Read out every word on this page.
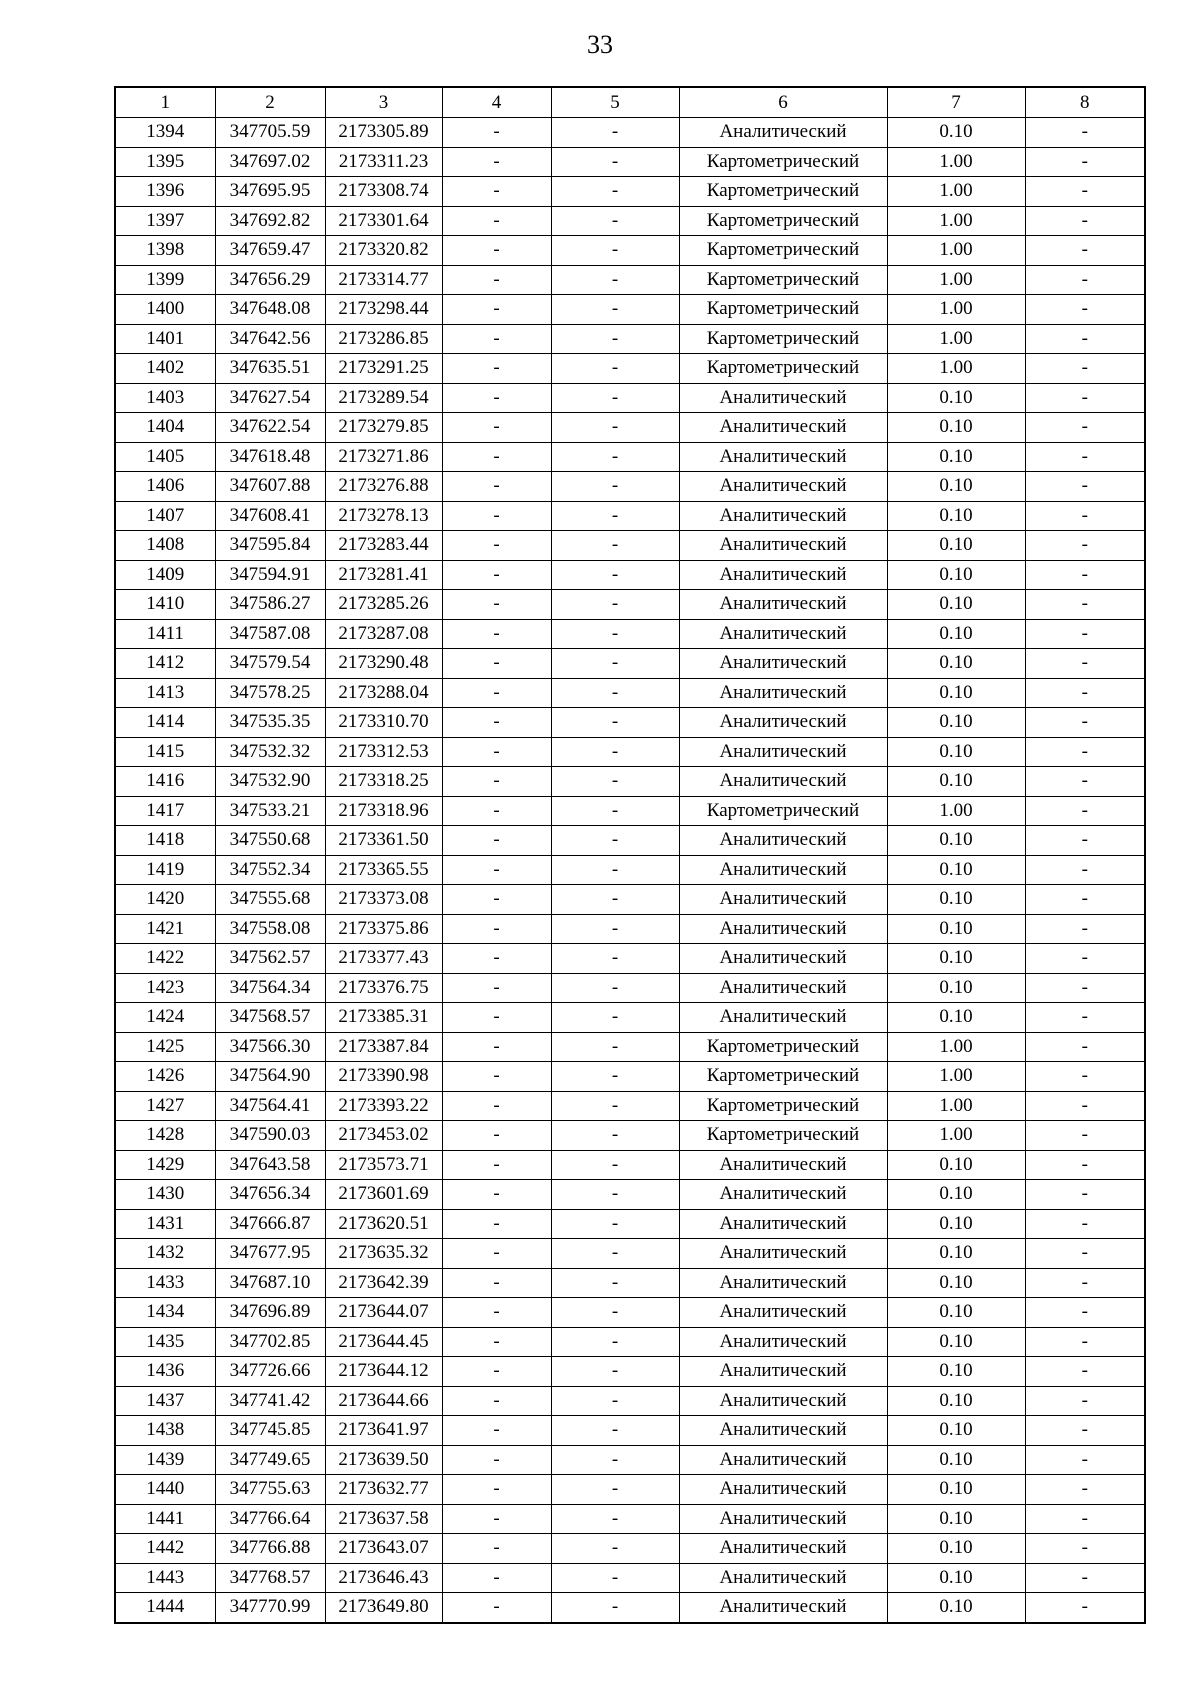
33
1	2	3	4	5	6	7	8
1394	347705.59	2173305.89	-	-	Аналитический	0.10	-
1395	347697.02	2173311.23	-	-	Картометрический	1.00	-
1396	347695.95	2173308.74	-	-	Картометрический	1.00	-
1397	347692.82	2173301.64	-	-	Картометрический	1.00	-
1398	347659.47	2173320.82	-	-	Картометрический	1.00	-
1399	347656.29	2173314.77	-	-	Картометрический	1.00	-
1400	347648.08	2173298.44	-	-	Картометрический	1.00	-
1401	347642.56	2173286.85	-	-	Картометрический	1.00	-
1402	347635.51	2173291.25	-	-	Картометрический	1.00	-
1403	347627.54	2173289.54	-	-	Аналитический	0.10	-
1404	347622.54	2173279.85	-	-	Аналитический	0.10	-
1405	347618.48	2173271.86	-	-	Аналитический	0.10	-
1406	347607.88	2173276.88	-	-	Аналитический	0.10	-
1407	347608.41	2173278.13	-	-	Аналитический	0.10	-
1408	347595.84	2173283.44	-	-	Аналитический	0.10	-
1409	347594.91	2173281.41	-	-	Аналитический	0.10	-
1410	347586.27	2173285.26	-	-	Аналитический	0.10	-
1411	347587.08	2173287.08	-	-	Аналитический	0.10	-
1412	347579.54	2173290.48	-	-	Аналитический	0.10	-
1413	347578.25	2173288.04	-	-	Аналитический	0.10	-
1414	347535.35	2173310.70	-	-	Аналитический	0.10	-
1415	347532.32	2173312.53	-	-	Аналитический	0.10	-
1416	347532.90	2173318.25	-	-	Аналитический	0.10	-
1417	347533.21	2173318.96	-	-	Картометрический	1.00	-
1418	347550.68	2173361.50	-	-	Аналитический	0.10	-
1419	347552.34	2173365.55	-	-	Аналитический	0.10	-
1420	347555.68	2173373.08	-	-	Аналитический	0.10	-
1421	347558.08	2173375.86	-	-	Аналитический	0.10	-
1422	347562.57	2173377.43	-	-	Аналитический	0.10	-
1423	347564.34	2173376.75	-	-	Аналитический	0.10	-
1424	347568.57	2173385.31	-	-	Аналитический	0.10	-
1425	347566.30	2173387.84	-	-	Картометрический	1.00	-
1426	347564.90	2173390.98	-	-	Картометрический	1.00	-
1427	347564.41	2173393.22	-	-	Картометрический	1.00	-
1428	347590.03	2173453.02	-	-	Картометрический	1.00	-
1429	347643.58	2173573.71	-	-	Аналитический	0.10	-
1430	347656.34	2173601.69	-	-	Аналитический	0.10	-
1431	347666.87	2173620.51	-	-	Аналитический	0.10	-
1432	347677.95	2173635.32	-	-	Аналитический	0.10	-
1433	347687.10	2173642.39	-	-	Аналитический	0.10	-
1434	347696.89	2173644.07	-	-	Аналитический	0.10	-
1435	347702.85	2173644.45	-	-	Аналитический	0.10	-
1436	347726.66	2173644.12	-	-	Аналитический	0.10	-
1437	347741.42	2173644.66	-	-	Аналитический	0.10	-
1438	347745.85	2173641.97	-	-	Аналитический	0.10	-
1439	347749.65	2173639.50	-	-	Аналитический	0.10	-
1440	347755.63	2173632.77	-	-	Аналитический	0.10	-
1441	347766.64	2173637.58	-	-	Аналитический	0.10	-
1442	347766.88	2173643.07	-	-	Аналитический	0.10	-
1443	347768.57	2173646.43	-	-	Аналитический	0.10	-
1444	347770.99	2173649.80	-	-	Аналитический	0.10	-
